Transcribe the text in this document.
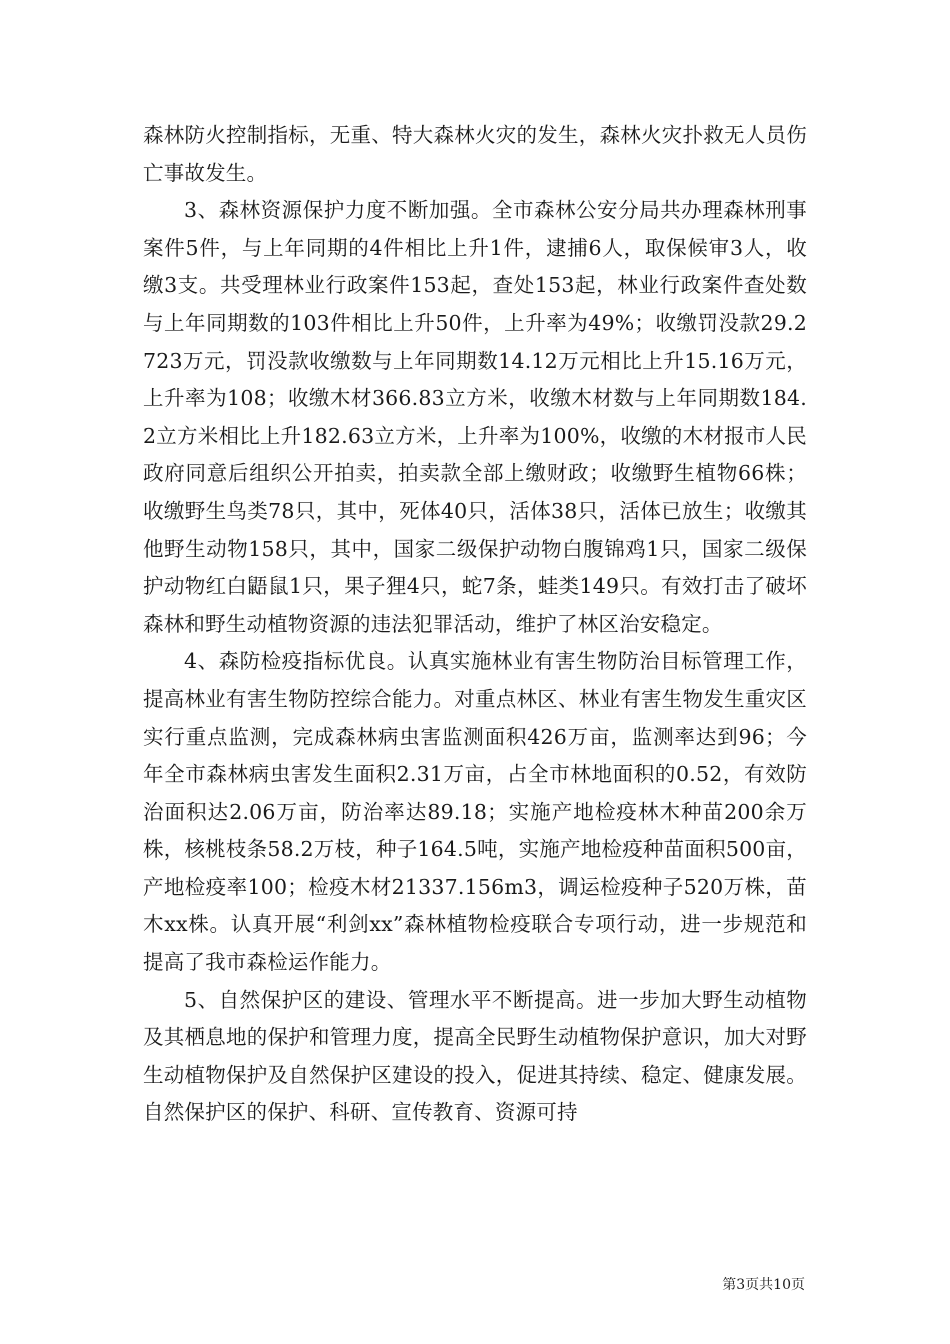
森林防火控制指标，无重、特大森林火灾的发生，森林火灾扑救无人员伤亡事故发生。

3、森林资源保护力度不断加强。全市森林公安分局共办理森林刑事案件5件，与上年同期的4件相比上升1件，逮捕6人，取保候审3人，收缴3支。共受理林业行政案件153起，查处153起，林业行政案件查处数与上年同期数的103件相比上升50件，上升率为49%；收缴罚没款29.2723万元，罚没款收缴数与上年同期数14.12万元相比上升15.16万元，上升率为108；收缴木材366.83立方米，收缴木材数与上年同期数184.2立方米相比上升182.63立方米，上升率为100%，收缴的木材报市人民政府同意后组织公开拍卖，拍卖款全部上缴财政；收缴野生植物66株；收缴野生鸟类78只，其中，死体40只，活体38只，活体已放生；收缴其他野生动物158只，其中，国家二级保护动物白腹锦鸡1只，国家二级保护动物红白鼯鼠1只，果子狸4只，蛇7条，蛙类149只。有效打击了破坏森林和野生动植物资源的违法犯罪活动，维护了林区治安稳定。

4、森防检疫指标优良。认真实施林业有害生物防治目标管理工作，提高林业有害生物防控综合能力。对重点林区、林业有害生物发生重灾区实行重点监测，完成森林病虫害监测面积426万亩，监测率达到96；今年全市森林病虫害发生面积2.31万亩，占全市林地面积的0.52，有效防治面积达2.06万亩，防治率达89.18；实施产地检疫林木种苗200余万株，核桃枝条58.2万枝，种子164.5吨，实施产地检疫种苗面积500亩，产地检疫率100；检疫木材21337.156m3，调运检疫种子520万株，苗木xx株。认真开展“利剑xx”森林植物检疫联合专项行动，进一步规范和提高了我市森检运作能力。

5、自然保护区的建设、管理水平不断提高。进一步加大野生动植物及其栖息地的保护和管理力度，提高全民野生动植物保护意识，加大对野生动植物保护及自然保护区建设的投入，促进其持续、稳定、健康发展。自然保护区的保护、科研、宣传教育、资源可持

第3页共10页
